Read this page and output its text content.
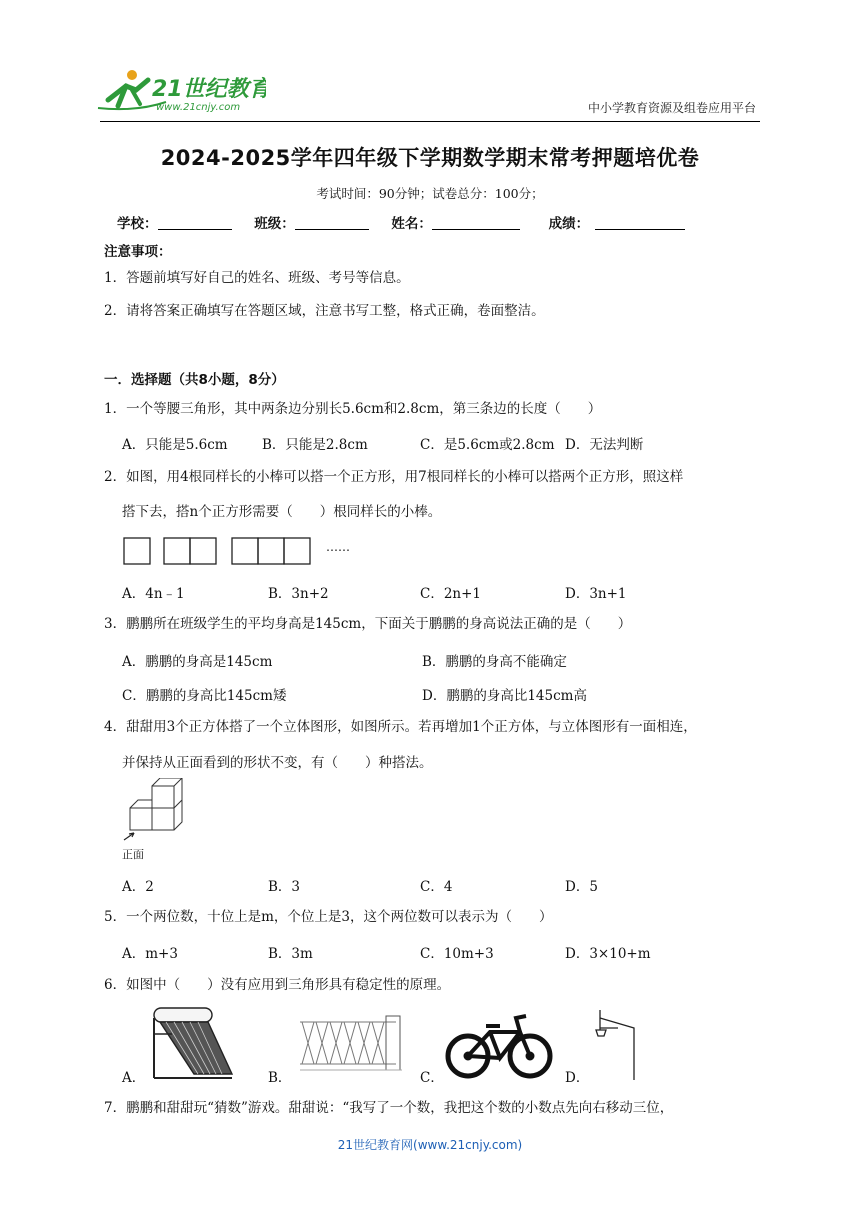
21世纪教育
www.21cnjy.com	中小学教育资源及组卷应用平台
2024-2025学年四年级下学期数学期末常考押题培优卷
考试时间：90分钟；试卷总分：100分；
学校：	班级：	姓名：	成绩：
注意事项：
1．答题前填写好自己的姓名、班级、考号等信息。
2．请将答案正确填写在答题区域，注意书写工整，格式正确，卷面整洁。
一．选择题（共8小题，8分）
1．一个等腰三角形，其中两条边分别长5.6cm和2.8cm，第三条边的长度（　　）
A．只能是5.6cm	B．只能是2.8cm	C．是5.6cm或2.8cm D．无法判断
2．如图，用4根同样长的小棒可以搭一个正方形，用7根同样长的小棒可以搭两个正方形，照这样
搭下去，搭n个正方形需要（　　）根同样长的小棒。
……
A．4n﹣1	B．3n+2	C．2n+1	D．3n+1
3．鹏鹏所在班级学生的平均身高是145cm，下面关于鹏鹏的身高说法正确的是（　　）
A．鹏鹏的身高是145cm	B．鹏鹏的身高不能确定
C．鹏鹏的身高比145cm矮	D．鹏鹏的身高比145cm高
4．甜甜用3个正方体搭了一个立体图形，如图所示。若再增加1个正方体，与立体图形有一面相连，
并保持从正面看到的形状不变，有（　　）种搭法。
正面
A．2	B．3	C．4	D．5
5．一个两位数，十位上是m，个位上是3，这个两位数可以表示为（　　）
A．m+3	B．3m	C．10m+3	D．3×10+m
6．如图中（　　）没有应用到三角形具有稳定性的原理。
A．	B．	C．	D．
7．鹏鹏和甜甜玩“猜数”游戏。甜甜说：“我写了一个数，我把这个数的小数点先向右移动三位，
21世纪教育网(www.21cnjy.com)
